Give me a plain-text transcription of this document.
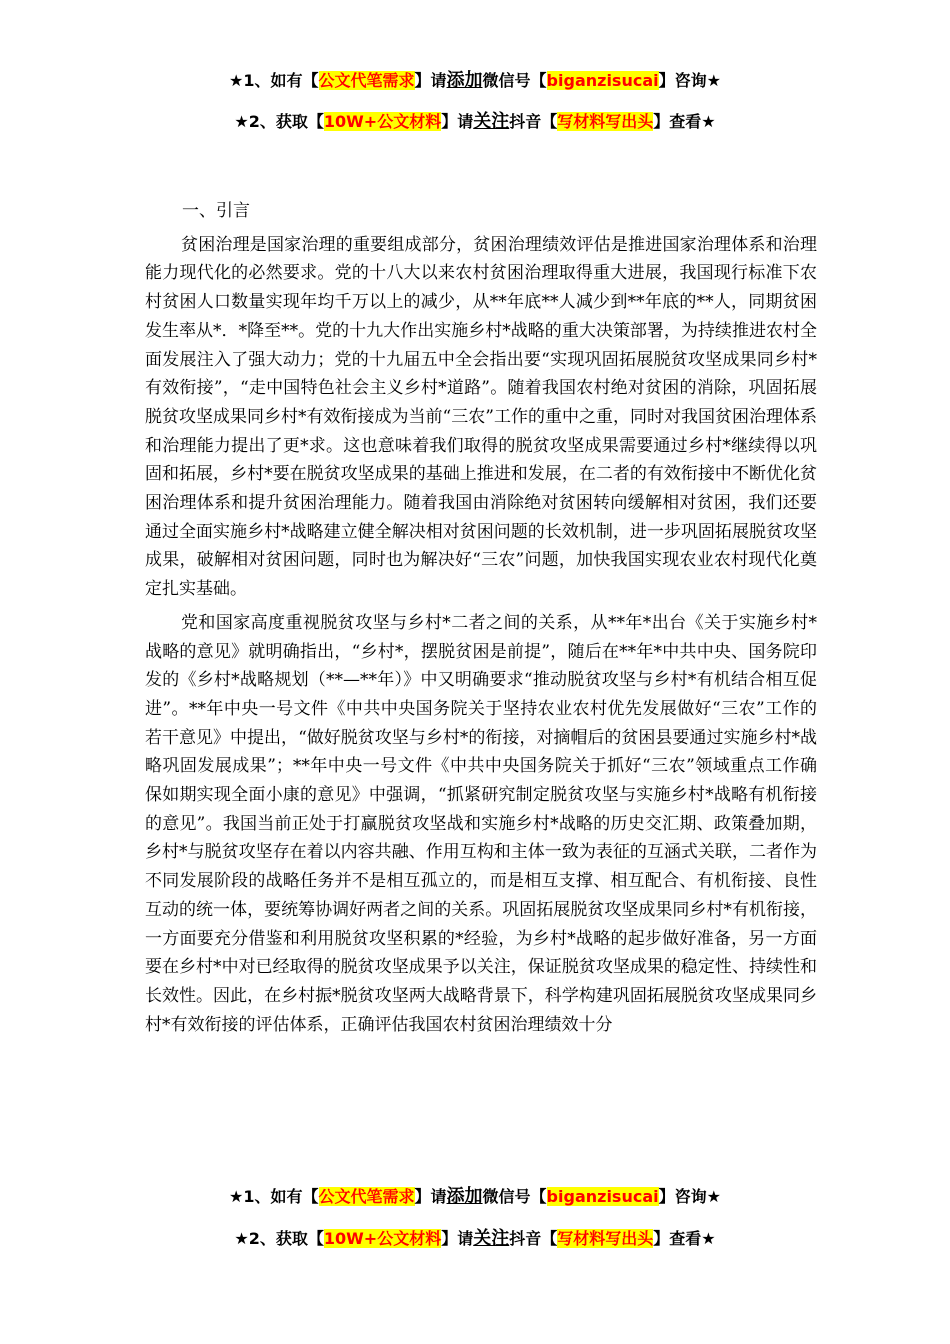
★1、如有【公文代笔需求】请添加微信号【biganzisucai】咨询★
★2、获取【10W+公文材料】请关注抖音【写材料写出头】查看★

一、引言

贫困治理是国家治理的重要组成部分，贫困治理绩效评估是推进国家治理体系和治理能力现代化的必然要求。党的十八大以来农村贫困治理取得重大进展，我国现行标准下农村贫困人口数量实现年均千万以上的减少，从**年底**人减少到**年底的**人，同期贫困发生率从*．*降至**。党的十九大作出实施乡村*战略的重大决策部署，为持续推进农村全面发展注入了强大动力；党的十九届五中全会指出要“实现巩固拓展脱贫攻坚成果同乡村*有效衔接”，“走中国特色社会主义乡村*道路”。随着我国农村绝对贫困的消除，巩固拓展脱贫攻坚成果同乡村*有效衔接成为当前“三农”工作的重中之重，同时对我国贫困治理体系和治理能力提出了更*求。这也意味着我们取得的脱贫攻坚成果需要通过乡村*继续得以巩固和拓展，乡村*要在脱贫攻坚成果的基础上推进和发展，在二者的有效衔接中不断优化贫困治理体系和提升贫困治理能力。随着我国由消除绝对贫困转向缓解相对贫困，我们还要通过全面实施乡村*战略建立健全解决相对贫困问题的长效机制，进一步巩固拓展脱贫攻坚成果，破解相对贫困问题，同时也为解决好“三农”问题，加快我国实现农业农村现代化奠定扎实基础。

党和国家高度重视脱贫攻坚与乡村*二者之间的关系，从**年*出台《关于实施乡村*战略的意见》就明确指出，“乡村*，摆脱贫困是前提”，随后在**年*中共中央、国务院印发的《乡村*战略规划（**—**年）》中又明确要求“推动脱贫攻坚与乡村*有机结合相互促进”。**年中央一号文件《中共中央国务院关于坚持农业农村优先发展做好“三农”工作的若干意见》中提出，“做好脱贫攻坚与乡村*的衔接，对摘帽后的贫困县要通过实施乡村*战略巩固发展成果”；**年中央一号文件《中共中央国务院关于抓好“三农”领域重点工作确保如期实现全面小康的意见》中强调，“抓紧研究制定脱贫攻坚与实施乡村*战略有机衔接的意见”。我国当前正处于打赢脱贫攻坚战和实施乡村*战略的历史交汇期、政策叠加期，乡村*与脱贫攻坚存在着以内容共融、作用互构和主体一致为表征的互涵式关联，二者作为不同发展阶段的战略任务并不是相互孤立的，而是相互支撑、相互配合、有机衔接、良性互动的统一体，要统筹协调好两者之间的关系。巩固拓展脱贫攻坚成果同乡村*有机衔接，一方面要充分借鉴和利用脱贫攻坚积累的*经验，为乡村*战略的起步做好准备，另一方面要在乡村*中对已经取得的脱贫攻坚成果予以关注，保证脱贫攻坚成果的稳定性、持续性和长效性。因此，在乡村振*脱贫攻坚两大战略背景下，科学构建巩固拓展脱贫攻坚成果同乡村*有效衔接的评估体系，正确评估我国农村贫困治理绩效十分

★1、如有【公文代笔需求】请添加微信号【biganzisucai】咨询★
★2、获取【10W+公文材料】请关注抖音【写材料写出头】查看★
